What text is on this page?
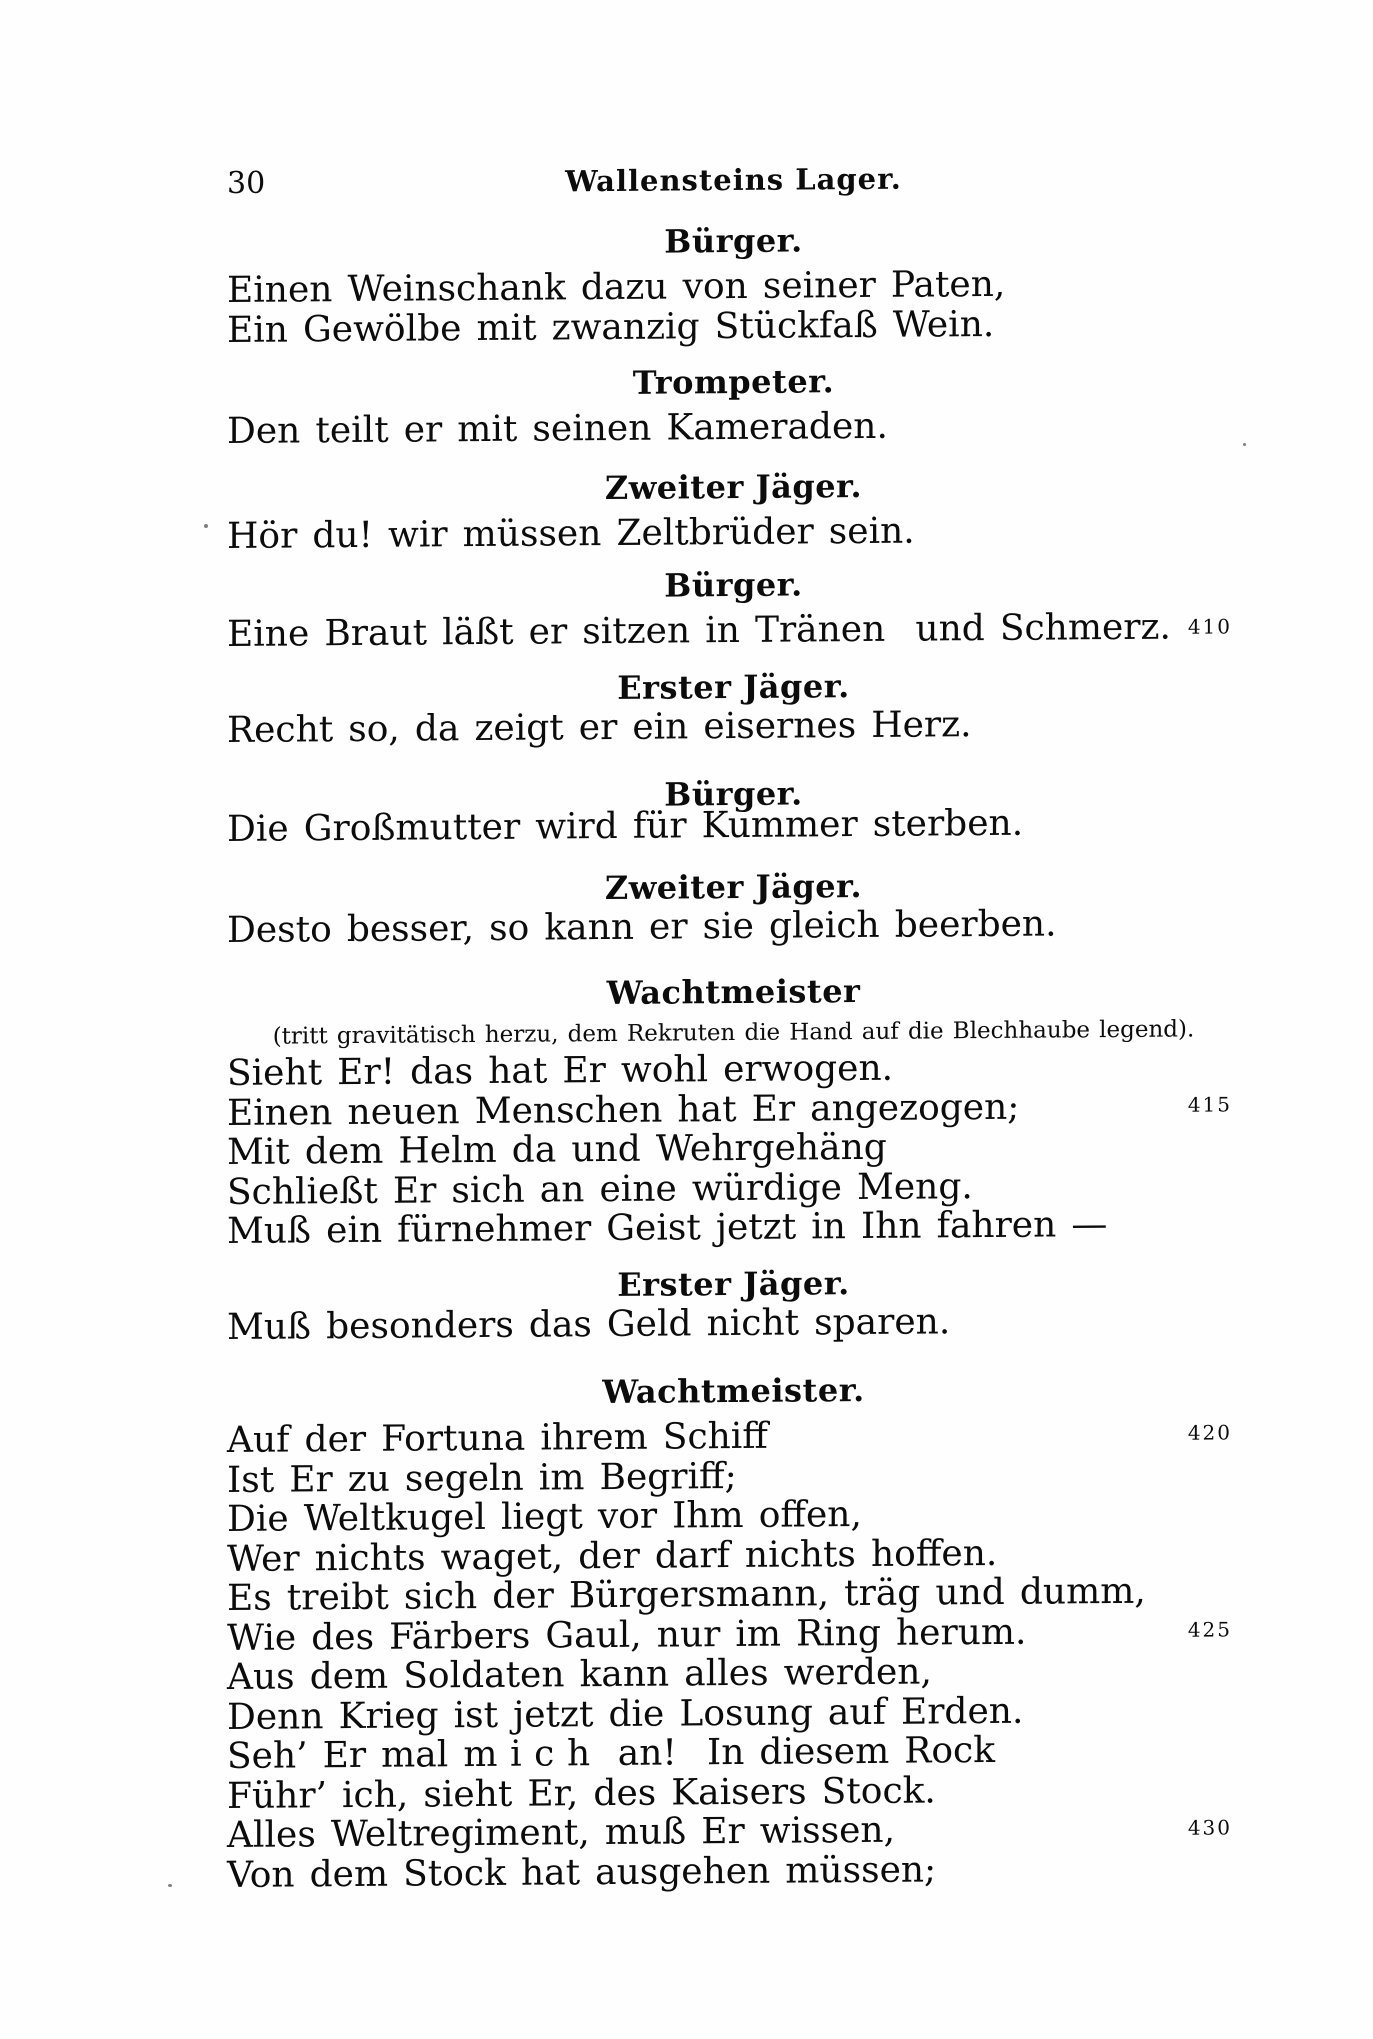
30	Wallensteins Lager.
Bürger.
Einen Weinschank dazu von seiner Paten,
Ein Gewölbe mit zwanzig Stückfaß Wein.
Trompeter.
Den teilt er mit seinen Kameraden.
Zweiter Jäger.
Hör du! wir müssen Zeltbrüder sein.
Bürger.
Eine Braut läßt er sitzen in Tränen  und Schmerz. 410
Erster Jäger.
Recht so, da zeigt er ein eisernes Herz.
Bürger.
Die Großmutter wird für Kummer sterben.
Zweiter Jäger.
Desto besser, so kann er sie gleich beerben.
Wachtmeister

(tritt gravitätisch herzu, dem Rekruten die Hand auf die Blechhaube legend).

Sieht Er! das hat Er wohl erwogen.
Einen neuen Menschen hat Er angezogen;	415
Mit dem Helm da und Wehrgehäng
Schließt Er sich an eine würdige Meng.
Muß ein fürnehmer Geist jetzt in Ihn fahren —
Erster Jäger.
Muß besonders das Geld nicht sparen.
Wachtmeister.
Auf der Fortuna ihrem Schiff	420
Ist Er zu segeln im Begriff;
Die Weltkugel liegt vor Ihm offen,
Wer nichts waget, der darf nichts hoffen.
Es treibt sich der Bürgersmann, träg und dumm,
Wie des Färbers Gaul, nur im Ring herum.	425
Aus dem Soldaten kann alles werden,
Denn Krieg ist jetzt die Losung auf Erden.
Seh’ Er mal mich an!  In diesem Rock
Führ’ ich, sieht Er, des Kaisers Stock.
Alles Weltregiment, muß Er wissen,	430
Von dem Stock hat ausgehen müssen;
